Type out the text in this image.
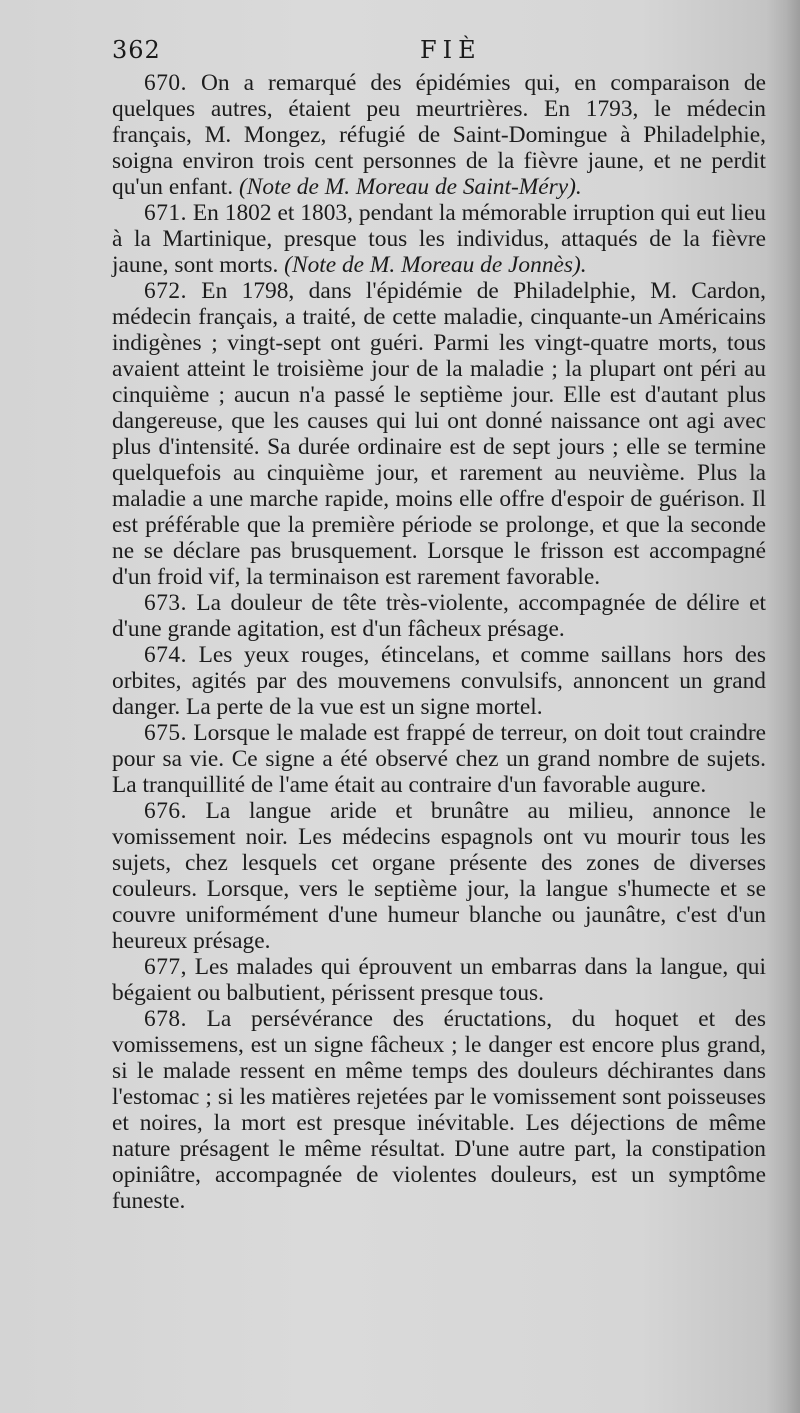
362	FIÈ

670. On a remarqué des épidémies qui, en comparaison de quelques autres, étaient peu meurtrières. En 1793, le médecin français, M. Mongez, réfugié de Saint-Domingue à Philadelphie, soigna environ trois cent personnes de la fièvre jaune, et ne perdit qu'un enfant. (Note de M. Moreau de Saint-Méry).

671. En 1802 et 1803, pendant la mémorable irruption qui eut lieu à la Martinique, presque tous les individus, attaqués de la fièvre jaune, sont morts. (Note de M. Moreau de Jonnès).

672. En 1798, dans l'épidémie de Philadelphie, M. Cardon, médecin français, a traité, de cette maladie, cinquante-un Américains indigènes ; vingt-sept ont guéri. Parmi les vingt-quatre morts, tous avaient atteint le troisième jour de la maladie ; la plupart ont péri au cinquième ; aucun n'a passé le septième jour. Elle est d'autant plus dangereuse, que les causes qui lui ont donné naissance ont agi avec plus d'intensité. Sa durée ordinaire est de sept jours ; elle se termine quelquefois au cinquième jour, et rarement au neuvième. Plus la maladie a une marche rapide, moins elle offre d'espoir de guérison. Il est préférable que la première période se prolonge, et que la seconde ne se déclare pas brusquement. Lorsque le frisson est accompagné d'un froid vif, la terminaison est rarement favorable.

673. La douleur de tête très-violente, accompagnée de délire et d'une grande agitation, est d'un fâcheux présage.

674. Les yeux rouges, étincelans, et comme saillans hors des orbites, agités par des mouvemens convulsifs, annoncent un grand danger. La perte de la vue est un signe mortel.

675. Lorsque le malade est frappé de terreur, on doit tout craindre pour sa vie. Ce signe a été observé chez un grand nombre de sujets. La tranquillité de l'ame était au contraire d'un favorable augure.

676. La langue aride et brunâtre au milieu, annonce le vomissement noir. Les médecins espagnols ont vu mourir tous les sujets, chez lesquels cet organe présente des zones de diverses couleurs. Lorsque, vers le septième jour, la langue s'humecte et se couvre uniformément d'une humeur blanche ou jaunâtre, c'est d'un heureux présage.

677, Les malades qui éprouvent un embarras dans la langue, qui bégaient ou balbutient, périssent presque tous.

678. La persévérance des éructations, du hoquet et des vomissemens, est un signe fâcheux ; le danger est encore plus grand, si le malade ressent en même temps des douleurs déchirantes dans l'estomac ; si les matières rejetées par le vomissement sont poisseuses et noires, la mort est presque inévitable. Les déjections de même nature présagent le même résultat. D'une autre part, la constipation opiniâtre, accompagnée de violentes douleurs, est un symptôme funeste.
